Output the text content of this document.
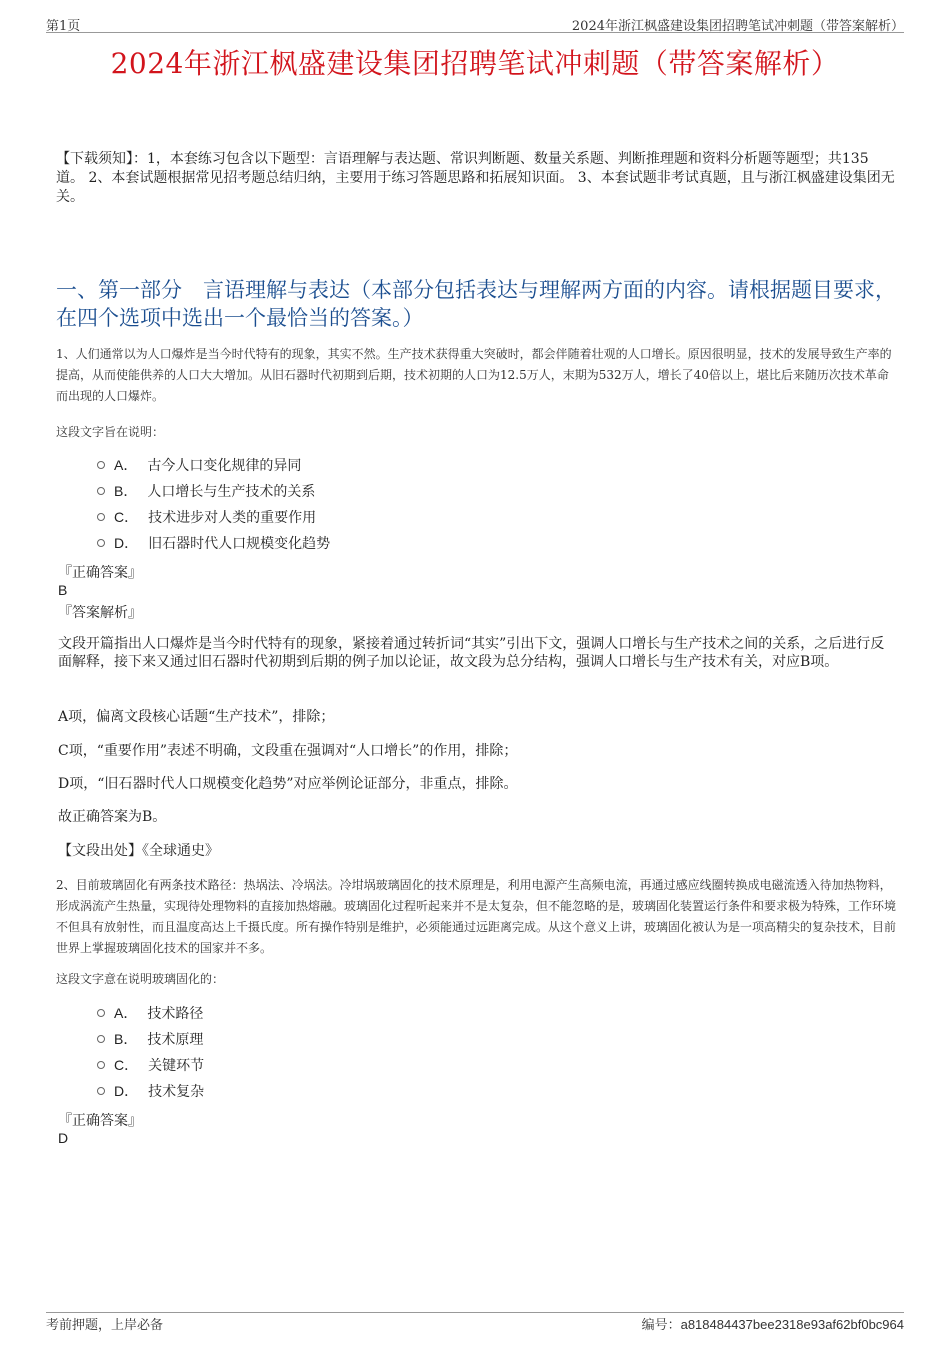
第1页	2024年浙江枫盛建设集团招聘笔试冲刺题（带答案解析）
2024年浙江枫盛建设集团招聘笔试冲刺题（带答案解析）
【下载须知】：1，本套练习包含以下题型：言语理解与表达题、常识判断题、数量关系题、判断推理题和资料分析题等题型；共135道。 2、本套试题根据常见招考题总结归纳，主要用于练习答题思路和拓展知识面。 3、本套试题非考试真题，且与浙江枫盛建设集团无关。
一、第一部分　言语理解与表达（本部分包括表达与理解两方面的内容。请根据题目要求，在四个选项中选出一个最恰当的答案。）
1、人们通常以为人口爆炸是当今时代特有的现象，其实不然。生产技术获得重大突破时，都会伴随着壮观的人口增长。原因很明显，技术的发展导致生产率的提高，从而使能供养的人口大大增加。从旧石器时代初期到后期，技术初期的人口为12.5万人，末期为532万人，增长了40倍以上，堪比后来随历次技术革命而出现的人口爆炸。
这段文字旨在说明：
A． 古今人口变化规律的异同
B． 人口增长与生产技术的关系
C． 技术进步对人类的重要作用
D． 旧石器时代人口规模变化趋势
『正确答案』
B
『答案解析』
文段开篇指出人口爆炸是当今时代特有的现象，紧接着通过转折词“其实”引出下文，强调人口增长与生产技术之间的关系，之后进行反面解释，接下来又通过旧石器时代初期到后期的例子加以论证，故文段为总分结构，强调人口增长与生产技术有关，对应B项。
A项，偏离文段核心话题“生产技术”，排除；
C项，“重要作用”表述不明确，文段重在强调对“人口增长”的作用，排除；
D项，“旧石器时代人口规模变化趋势”对应举例论证部分，非重点，排除。
故正确答案为B。
【文段出处】《全球通史》
2、目前玻璃固化有两条技术路径：热埚法、冷埚法。冷坩埚玻璃固化的技术原理是，利用电源产生高频电流，再通过感应线圈转换成电磁流透入待加热物料，形成涡流产生热量，实现待处理物料的直接加热熔融。玻璃固化过程听起来并不是太复杂，但不能忽略的是，玻璃固化装置运行条件和要求极为特殊，工作环境不但具有放射性，而且温度高达上千摄氏度。所有操作特别是维护，必须能通过远距离完成。从这个意义上讲，玻璃固化被认为是一项高精尖的复杂技术，目前世界上掌握玻璃固化技术的国家并不多。
这段文字意在说明玻璃固化的：
A． 技术路径
B． 技术原理
C． 关键环节
D． 技术复杂
『正确答案』
D
考前押题，上岸必备	编号：a818484437bee2318e93af62bf0bc964
